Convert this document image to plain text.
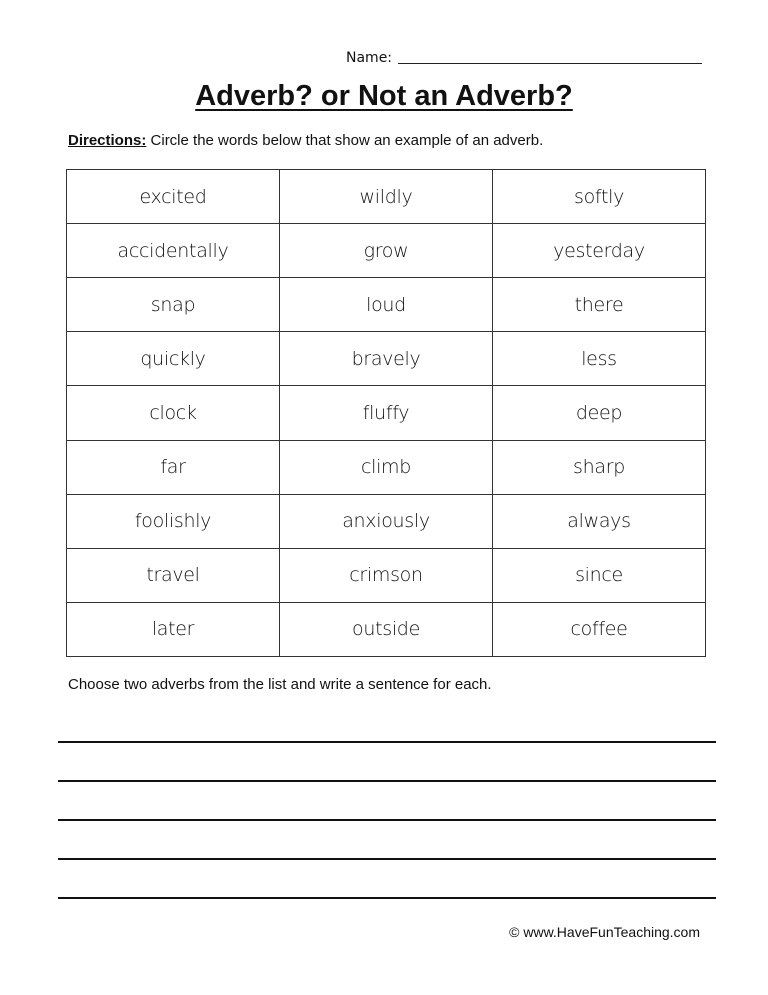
Name:
Adverb? or Not an Adverb?

Directions: Circle the words below that show an example of an adverb.

excited	wildly	softly
accidentally	grow	yesterday
snap	loud	there
quickly	bravely	less
clock	fluffy	deep
far	climb	sharp
foolishly	anxiously	always
travel	crimson	since
later	outside	coffee

Choose two adverbs from the list and write a sentence for each.

© www.HaveFunTeaching.com
